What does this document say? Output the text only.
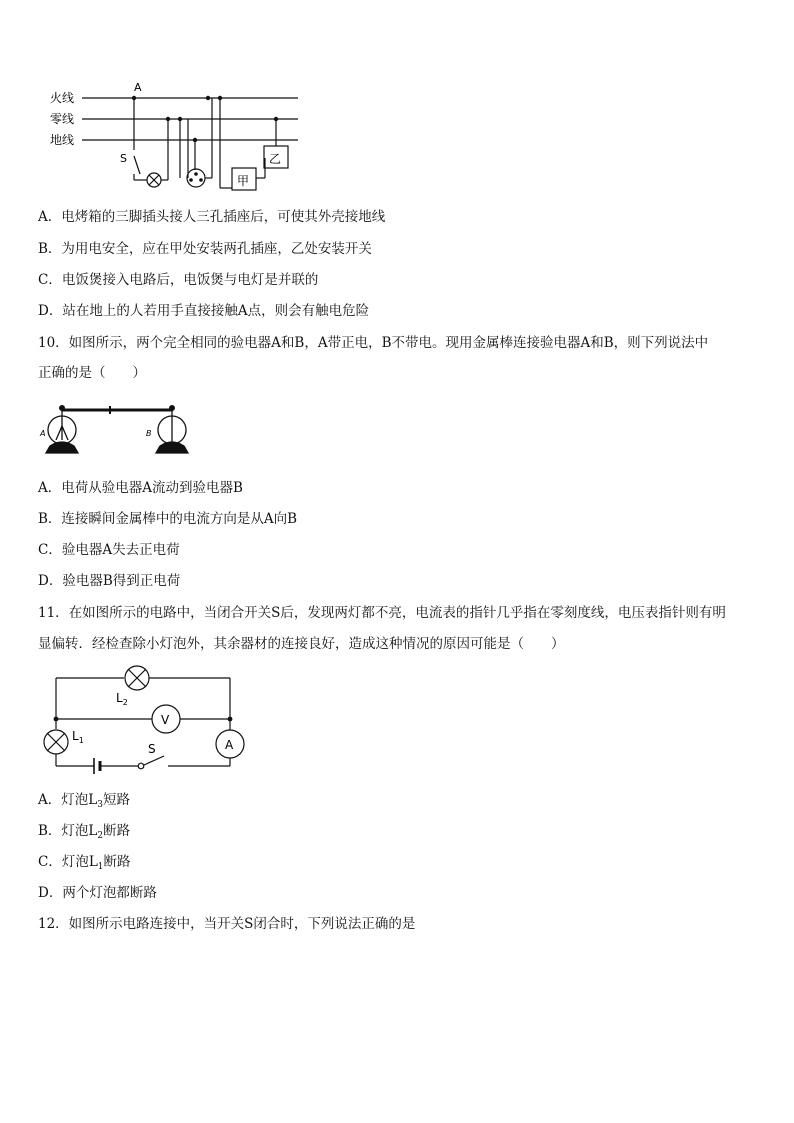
火线
零线
地线
A
S
甲
乙
A．电烤箱的三脚插头接人三孔插座后，可使其外壳接地线
B．为用电安全，应在甲处安装两孔插座，乙处安装开关
C．电饭煲接入电路后，电饭煲与电灯是并联的
D．站在地上的人若用手直接接触A点，则会有触电危险
10．如图所示，两个完全相同的验电器A和B，A带正电，B不带电。现用金属棒连接验电器A和B，则下列说法中
正确的是（　　）
A	B
A．电荷从验电器A流动到验电器B
B．连接瞬间金属棒中的电流方向是从A向B
C．验电器A失去正电荷
D．验电器B得到正电荷
11．在如图所示的电路中，当闭合开关S后，发现两灯都不亮，电流表的指针几乎指在零刻度线，电压表指针则有明
显偏转．经检查除小灯泡外，其余器材的连接良好，造成这种情况的原因可能是（　　）
$L_2$
$L_1$
V
A
S
A．灯泡$L_3$短路
B．灯泡$L_2$断路
C．灯泡$L_1$断路
D．两个灯泡都断路
12．如图所示电路连接中，当开关S闭合时，下列说法正确的是
